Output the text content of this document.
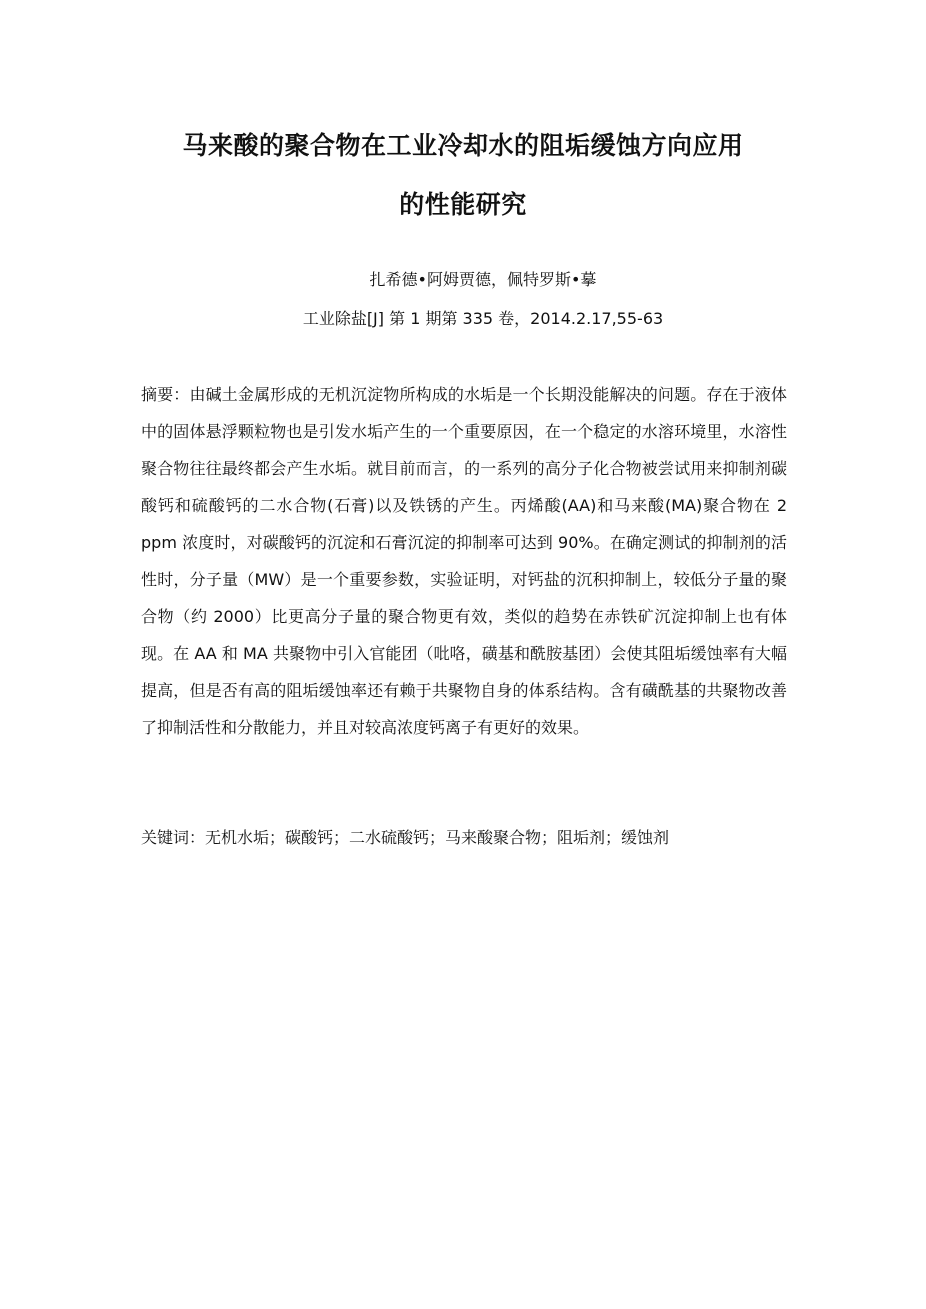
马来酸的聚合物在工业冷却水的阻垢缓蚀方向应用
的性能研究

扎希德•阿姆贾德，佩特罗斯•摹

工业除盐[J] 第 1 期第 335 卷，2014.2.17,55-63

摘要：由碱土金属形成的无机沉淀物所构成的水垢是一个长期没能解决的问题。存在于液体中的固体悬浮颗粒物也是引发水垢产生的一个重要原因，在一个稳定的水溶环境里，水溶性聚合物往往最终都会产生水垢。就目前而言，的一系列的高分子化合物被尝试用来抑制剂碳酸钙和硫酸钙的二水合物(石膏)以及铁锈的产生。丙烯酸(AA)和马来酸(MA)聚合物在 2 ppm 浓度时，对碳酸钙的沉淀和石膏沉淀的抑制率可达到 90%。在确定测试的抑制剂的活性时，分子量（MW）是一个重要参数，实验证明，对钙盐的沉积抑制上，较低分子量的聚合物（约 2000）比更高分子量的聚合物更有效，类似的趋势在赤铁矿沉淀抑制上也有体现。在 AA 和 MA 共聚物中引入官能团（吡咯，磺基和酰胺基团）会使其阻垢缓蚀率有大幅提高，但是否有高的阻垢缓蚀率还有赖于共聚物自身的体系结构。含有磺酰基的共聚物改善了抑制活性和分散能力，并且对较高浓度钙离子有更好的效果。

关键词：无机水垢；碳酸钙；二水硫酸钙；马来酸聚合物；阻垢剂；缓蚀剂
